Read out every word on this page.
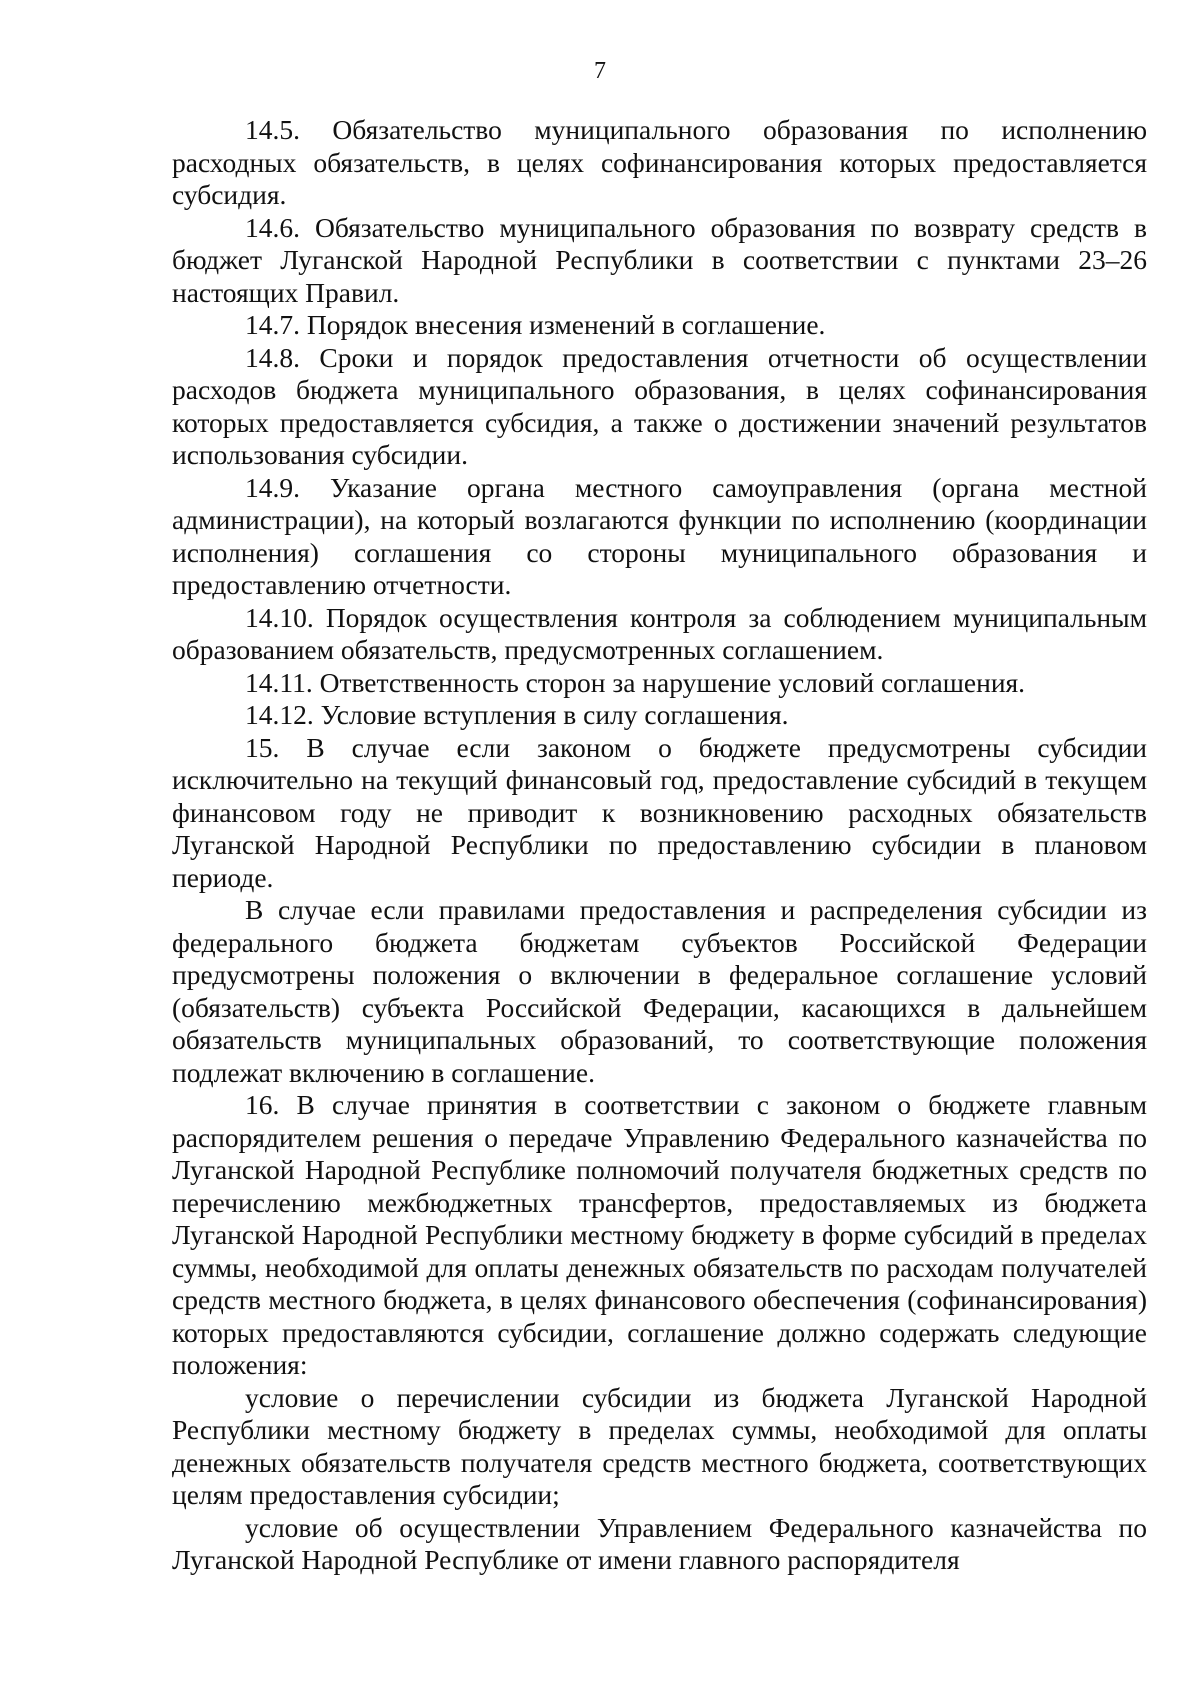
7

14.5. Обязательство муниципального образования по исполнению расходных обязательств, в целях софинансирования которых предоставляется субсидия.

14.6. Обязательство муниципального образования по возврату средств в бюджет Луганской Народной Республики в соответствии с пунктами 23–26 настоящих Правил.

14.7. Порядок внесения изменений в соглашение.

14.8. Сроки и порядок предоставления отчетности об осуществлении расходов бюджета муниципального образования, в целях софинансирования которых предоставляется субсидия, а также о достижении значений результатов использования субсидии.

14.9. Указание органа местного самоуправления (органа местной администрации), на который возлагаются функции по исполнению (координации исполнения) соглашения со стороны муниципального образования и предоставлению отчетности.

14.10. Порядок осуществления контроля за соблюдением муниципальным образованием обязательств, предусмотренных соглашением.

14.11. Ответственность сторон за нарушение условий соглашения.

14.12. Условие вступления в силу соглашения.

15. В случае если законом о бюджете предусмотрены субсидии исключительно на текущий финансовый год, предоставление субсидий в текущем финансовом году не приводит к возникновению расходных обязательств Луганской Народной Республики по предоставлению субсидии в плановом периоде.

В случае если правилами предоставления и распределения субсидии из федерального бюджета бюджетам субъектов Российской Федерации предусмотрены положения о включении в федеральное соглашение условий (обязательств) субъекта Российской Федерации, касающихся в дальнейшем обязательств муниципальных образований, то соответствующие положения подлежат включению в соглашение.

16. В случае принятия в соответствии с законом о бюджете главным распорядителем решения о передаче Управлению Федерального казначейства по Луганской Народной Республике полномочий получателя бюджетных средств по перечислению межбюджетных трансфертов, предоставляемых из бюджета Луганской Народной Республики местному бюджету в форме субсидий в пределах суммы, необходимой для оплаты денежных обязательств по расходам получателей средств местного бюджета, в целях финансового обеспечения (софинансирования) которых предоставляются субсидии, соглашение должно содержать следующие положения:

условие о перечислении субсидии из бюджета Луганской Народной Республики местному бюджету в пределах суммы, необходимой для оплаты денежных обязательств получателя средств местного бюджета, соответствующих целям предоставления субсидии;

условие об осуществлении Управлением Федерального казначейства по Луганской Народной Республике от имени главного распорядителя
